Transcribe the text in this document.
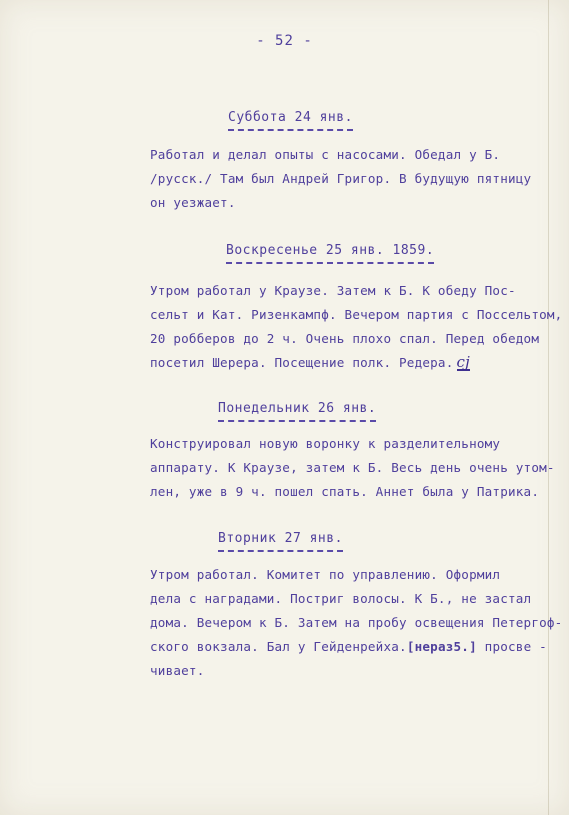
- 52 -
Суббота 24 янв.
Работал и делал опыты с насосами. Обедал у Б.
/русск./ Там был Андрей Григор. В будущую пятницу
он уезжает.
Воскресенье 25 янв. 1859.
Утром работал у Краузе. Затем к Б. К обеду Пос-
сельт и Кат. Ризенкампф. Вечером партия с Поссельтом,
20 робберов до 2 ч. Очень плохо спал. Перед обедом
посетил Шерера. Посещение полк. Редера. cj
Понедельник 26 янв.
Конструировал новую воронку к разделительному
аппарату. К Краузе, затем к Б. Весь день очень утом-
лен, уже в 9 ч. пошел спать. Аннет была у Патрика.
Вторник 27 янв.
Утром работал. Комитет по управлению. Оформил
дела с наградами. Постриг волосы. К Б., не застал
дома. Вечером к Б. Затем на пробу освещения Петергоф-
ского вокзала. Бал у Гейденрейха.[нераз5.] просве -
чивает.
